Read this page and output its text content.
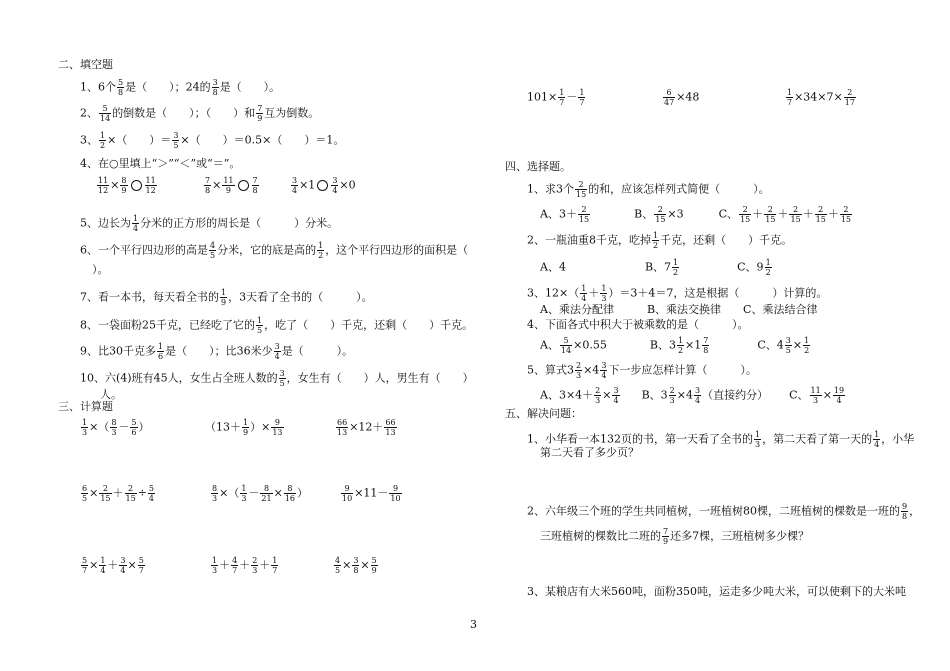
二、填空题
1、6个 $\frac{5}{8}$ 是（　　）；24的 $\frac{3}{8}$ 是（　　）。
2、 $\frac{5}{14}$ 的倒数是（　　）；（　　）和 $\frac{7}{9}$ 互为倒数。
3、 $\frac{1}{2}$ ×（　　）＝ $\frac{3}{5}$ ×（　　）＝0.5×（　　）＝1。
4、在○里填上“＞”“＜”或“＝”。
$\frac{11}{12} \times \frac{8}{9} \frac{11}{12}$	$\frac{7}{8} \times \frac{11}{9} \frac{7}{8}$	$\frac{3}{4} \times 1 \frac{3}{4} \times 0$
5、边长为 $\frac{1}{4}$ 分米的正方形的周长是（　　　）分米。
6、一个平行四边形的高是 $\frac{4}{5}$ 分米，它的底是高的 $\frac{1}{2}$ ，这个平行四边形的面积是（
）。
7、看一本书，每天看全书的 $\frac{1}{9}$ ，3天看了全书的（　　　）。
8、一袋面粉25千克，已经吃了它的 $\frac{1}{5}$ ，吃了（　　）千克，还剩（　　）千克。
9、比30千克多 $\frac{1}{6}$ 是（　　）；比36米少 $\frac{3}{4}$ 是（　　　）。
10、六(4)班有45人，女生占全班人数的 $\frac{3}{5}$ ，女生有（　　）人，男生有（　　）
人。
三、计算题
$\frac{1}{3}$ ×（ $\frac{8}{3} - \frac{5}{6}$ ）	（$13+ \frac{1}{9}$ ）× $\frac{9}{13}$	$\frac{66}{13} \times 12+ \frac{66}{13}$
$\frac{6}{5} \times \frac{2}{15} + \frac{2}{15} \div \frac{5}{4}$	$\frac{8}{3}$ ×（ $\frac{1}{3} - \frac{8}{21} \times \frac{8}{16}$ ）	$\frac{9}{10} \times 11- \frac{9}{10}$
$\frac{5}{7} \times \frac{1}{4} + \frac{3}{4} \times \frac{5}{7}$	$\frac{1}{3} + \frac{4}{7} + \frac{2}{3} + \frac{1}{7}$	$\frac{4}{5} \times \frac{3}{8} \times \frac{5}{9}$
$101\times \frac{1}{7} - \frac{1}{7}$	$\frac{6}{47} \times 48$	$\frac{1}{7} \times 34\times 7\times \frac{2}{17}$
四、选择题。
1、求3个 $\frac{2}{15}$ 的和，应该怎样列式简便（　　　）。
A、$3+ \frac{2}{15}$	B、 $\frac{2}{15} \times 3$	C、 $\frac{2}{15} + \frac{2}{15} + \frac{2}{15} + \frac{2}{15} + \frac{2}{15}$
2、一瓶油重8千克，吃掉 $\frac{1}{2}$ 千克，还剩（　　）千克。
A、4	B、$7 \frac{1}{2}$	C、$9 \frac{1}{2}$
3、$12\times( \frac{1}{4} + \frac{1}{3} )=3+4=7$，这是根据（　　　）计算的。
A、乘法分配律　　　B、乘法交换律　　C、乘法结合律
4、下面各式中积大于被乘数的是（　　　）。
A、 $\frac{5}{14} \times 0.55$	B、$3 \frac{1}{2} \times 1 \frac{7}{8}$	C、$4 \frac{3}{5} \times \frac{1}{2}$
5、算式$3 \frac{2}{3} \times 4 \frac{3}{4}$ 下一步应怎样计算（　　　）。
A、$3\times 4+ \frac{2}{3} \times \frac{3}{4}$ B、$3 \frac{2}{3} \times 4 \frac{3}{4}$ （直接约分） C、 $\frac{11}{3} \times \frac{19}{4}$
五、解决问题：
1、小华看一本132页的书，第一天看了全书的 $\frac{1}{3}$ ，第二天看了第一天的 $\frac{1}{4}$ ，小华
第二天看了多少页？
2、六年级三个班的学生共同植树，一班植树80棵，二班植树的棵数是一班的 $\frac{9}{8}$ ，
三班植树的棵数比二班的 $\frac{7}{9}$ 还多7棵，三班植树多少棵？
3、某粮店有大米560吨，面粉350吨，运走多少吨大米，可以使剩下的大米吨
3
